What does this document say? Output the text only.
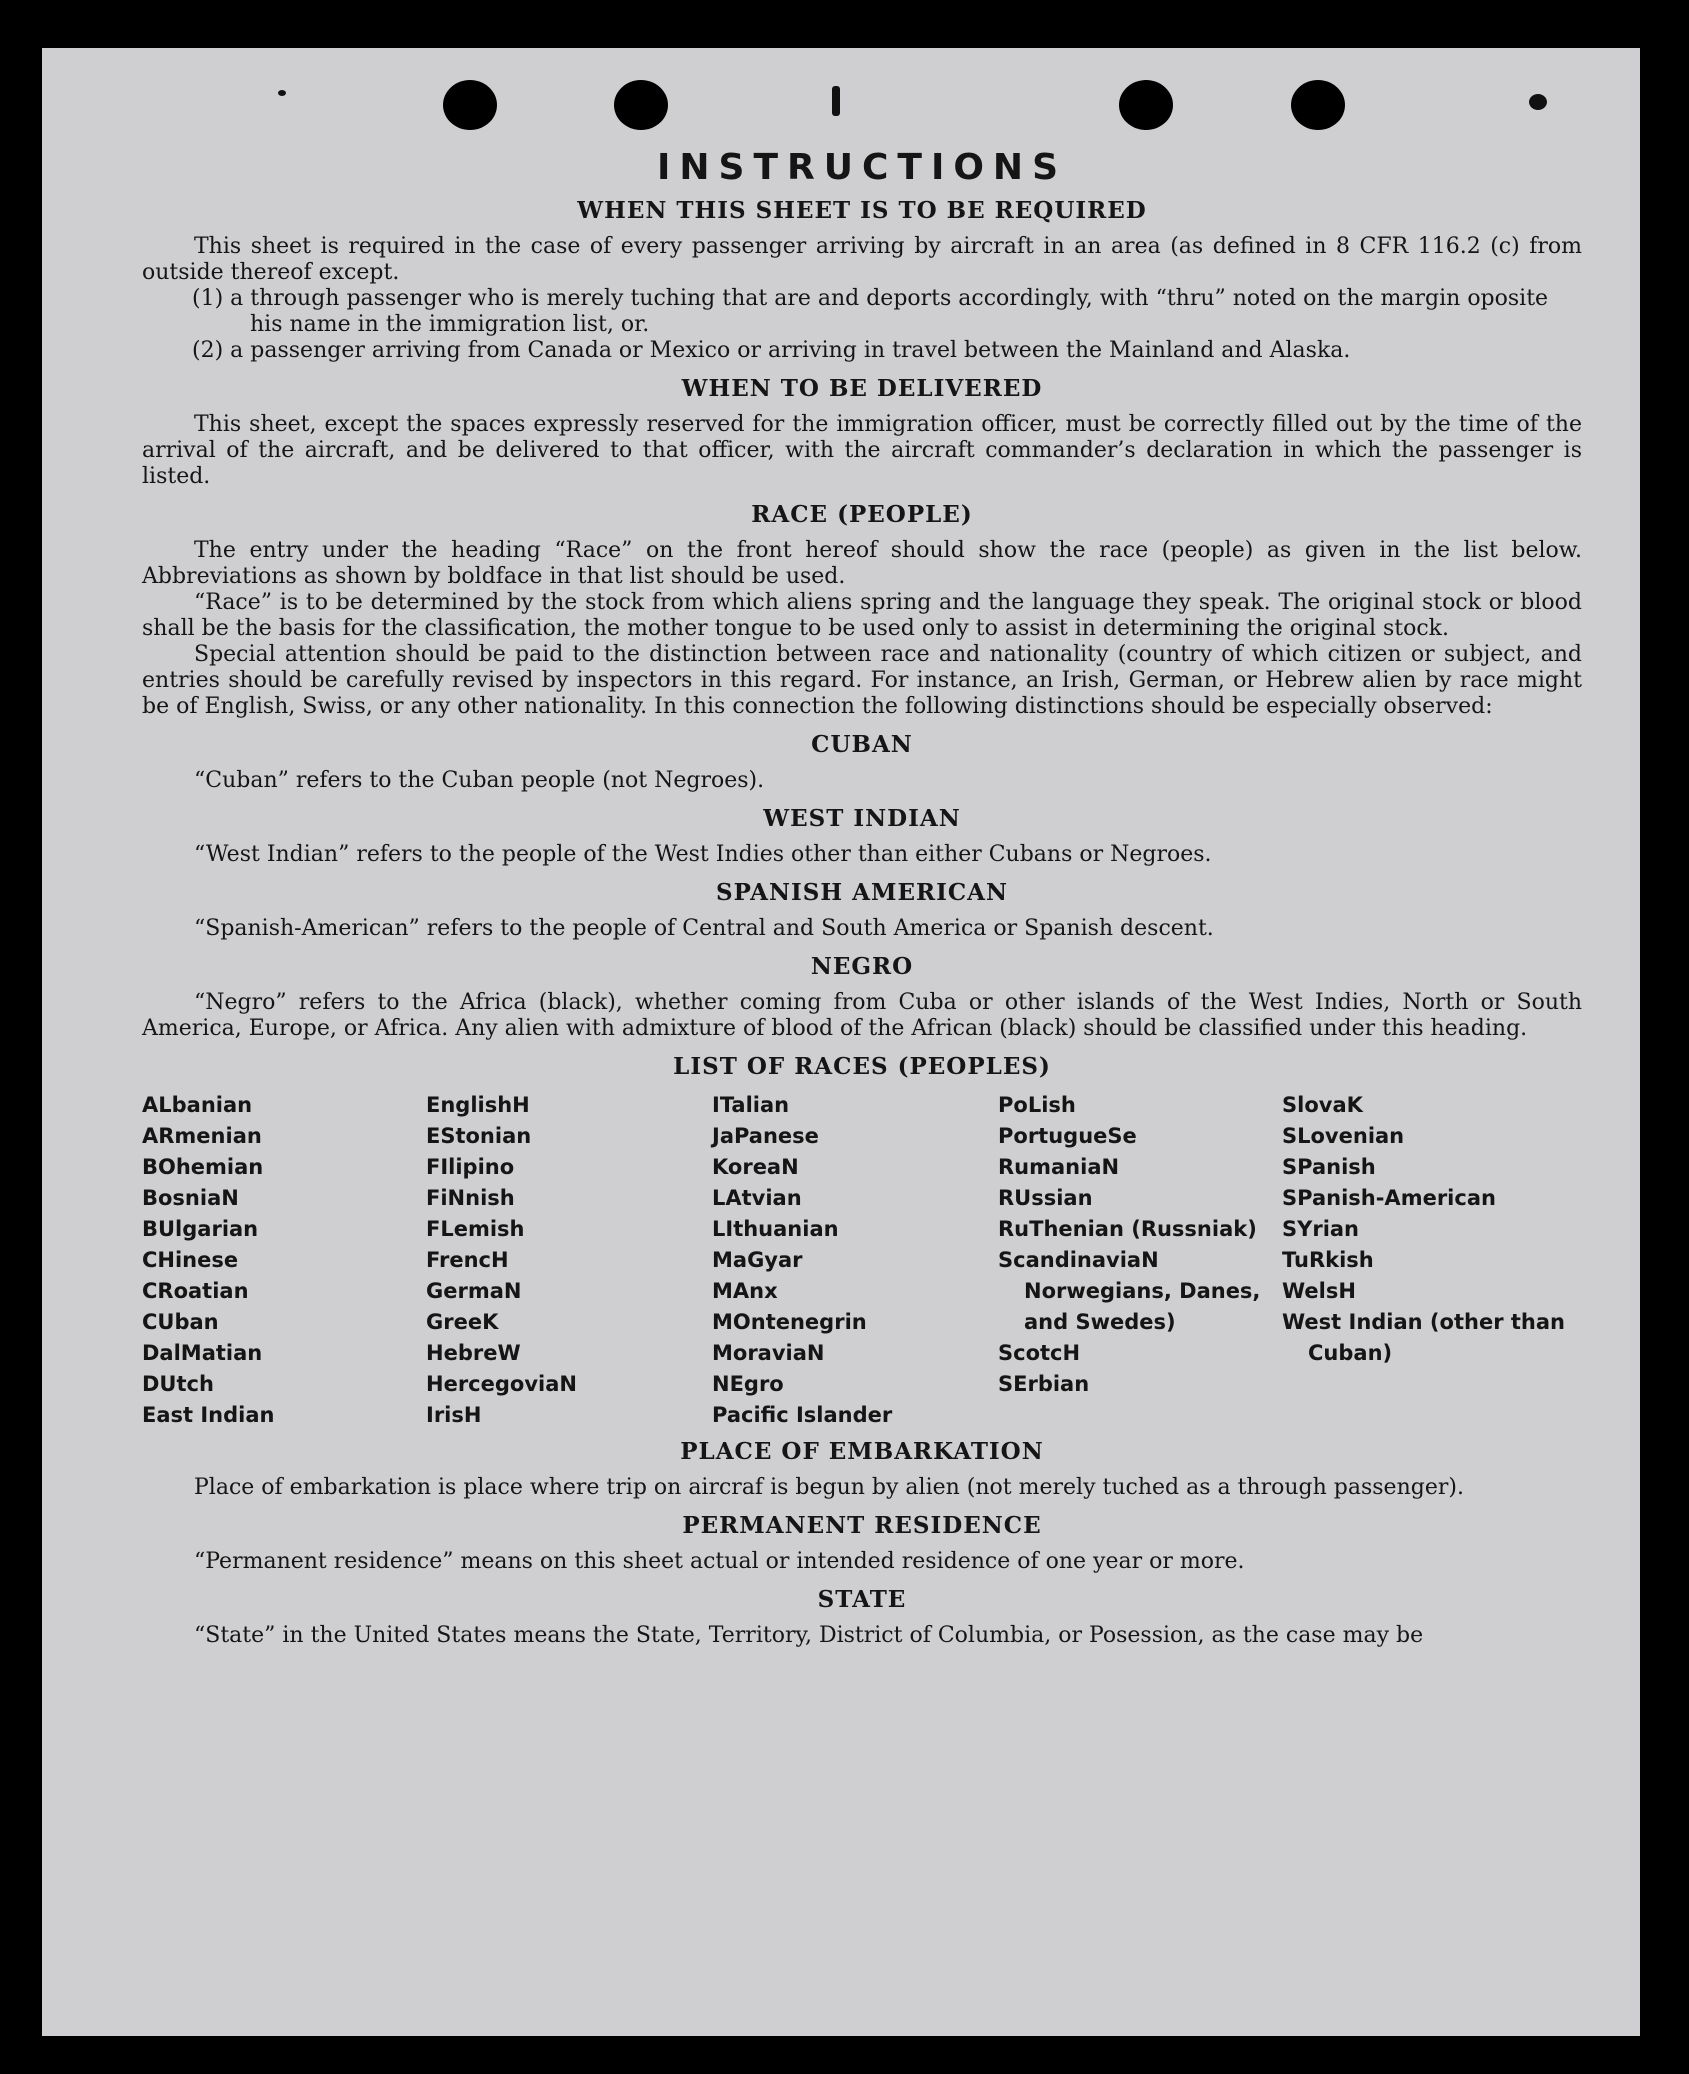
INSTRUCTIONS
WHEN THIS SHEET IS TO BE REQUIRED

This sheet is required in the case of every passenger arriving by aircraft in an area (as defined in 8 CFR 116.2 (c) from outside thereof except.

(1) a through passenger who is merely tuching that are and deports accordingly, with “thru” noted on the margin oposite his name in the immigration list, or.
(2) a passenger arriving from Canada or Mexico or arriving in travel between the Mainland and Alaska.
WHEN TO BE DELIVERED

This sheet, except the spaces expressly reserved for the immigration officer, must be correctly filled out by the time of the arrival of the aircraft, and be delivered to that officer, with the aircraft commander’s declaration in which the passenger is listed.

RACE (PEOPLE)

The entry under the heading “Race” on the front hereof should show the race (people) as given in the list below. Abbreviations as shown by boldface in that list should be used.

“Race” is to be determined by the stock from which aliens spring and the language they speak. The original stock or blood shall be the basis for the classification, the mother tongue to be used only to assist in determining the original stock.

Special attention should be paid to the distinction between race and nationality (country of which citizen or subject, and entries should be carefully revised by inspectors in this regard. For instance, an Irish, German, or Hebrew alien by race might be of English, Swiss, or any other nationality. In this connection the following distinctions should be especially observed:

CUBAN

“Cuban” refers to the Cuban people (not Negroes).

WEST INDIAN

“West Indian” refers to the people of the West Indies other than either Cubans or Negroes.

SPANISH AMERICAN

“Spanish-American” refers to the people of Central and South America or Spanish descent.

NEGRO

“Negro” refers to the Africa (black), whether coming from Cuba or other islands of the West Indies, North or South America, Europe, or Africa. Any alien with admixture of blood of the African (black) should be classified under this heading.

LIST OF RACES (PEOPLES)
ALbanian
ARmenian
BOhemian
BosniaN
BUlgarian
CHinese
CRoatian
CUban
DalMatian
DUtch
East Indian
EnglishH
EStonian
FIlipino
FiNnish
FLemish
FrencH
GermaN
GreeK
HebreW
HercegoviaN
IrisH
ITalian
JaPanese
KoreaN
LAtvian
LIthuanian
MaGyar
MAnx
MOntenegrin
MoraviaN
NEgro
Pacific Islander
PoLish
PortugueSe
RumaniaN
RUssian
RuThenian (Russniak)
ScandinaviaN Norwegians, Danes, and Swedes)
ScotcH
SErbian
SlovaK
SLovenian
SPanish
SPanish-American
SYrian
TuRkish
WelsH
West Indian (other than Cuban)
PLACE OF EMBARKATION

Place of embarkation is place where trip on aircraf is begun by alien (not merely tuched as a through passenger).

PERMANENT RESIDENCE

“Permanent residence” means on this sheet actual or intended residence of one year or more.

STATE

“State” in the United States means the State, Territory, District of Columbia, or Posession, as the case may be
